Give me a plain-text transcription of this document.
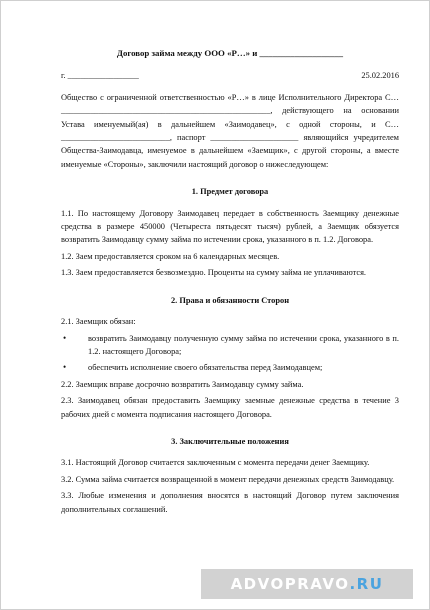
Договор займа между ООО «Р…» и ___________________
г. _________________	25.02.2016

Общество с ограниченной ответственностью «Р…» в лице Исполнительного Директора С… __________________________________________________, действующего на основании Устава именуемый(ая) в дальнейшем «Заимодавец», с одной стороны, и С… __________________________, паспорт _____________________ являющийся учредителем Общества-Заимодавца, именуемое в дальнейшем «Заемщик», с другой стороны, а вместе именуемые «Стороны», заключили настоящий договор о нижеследующем:

1. Предмет договора

1.1. По настоящему Договору Заимодавец передает в собственность Заемщику денежные средства в размере 450000 (Четыреста пятьдесят тысяч) рублей, а Заемщик обязуется возвратить Заимодавцу сумму займа по истечении срока, указанного в п. 1.2. Договора.

1.2. Заем предоставляется сроком на 6 календарных месяцев.

1.3. Заем предоставляется безвозмездно. Проценты на сумму займа не уплачиваются.

2. Права и обязанности Сторон

2.1. Заемщик обязан:

•	возвратить Заимодавцу полученную сумму займа по истечении срока, указанного в п. 1.2. настоящего Договора;
•	обеспечить исполнение своего обязательства перед Заимодавцем;

2.2. Заемщик вправе досрочно возвратить Заимодавцу сумму займа.

2.3. Заимодавец обязан предоставить Заемщику заемные денежные средства в течение 3 рабочих дней с момента подписания настоящего Договора.

3. Заключительные положения

3.1. Настоящий Договор считается заключенным с момента передачи денег Заемщику.

3.2. Сумма займа считается возвращенной в момент передачи денежных средств Заимодавцу.

3.3. Любые изменения и дополнения вносятся в настоящий Договор путем заключения дополнительных соглашений.

ADVOPRAVO .RU
